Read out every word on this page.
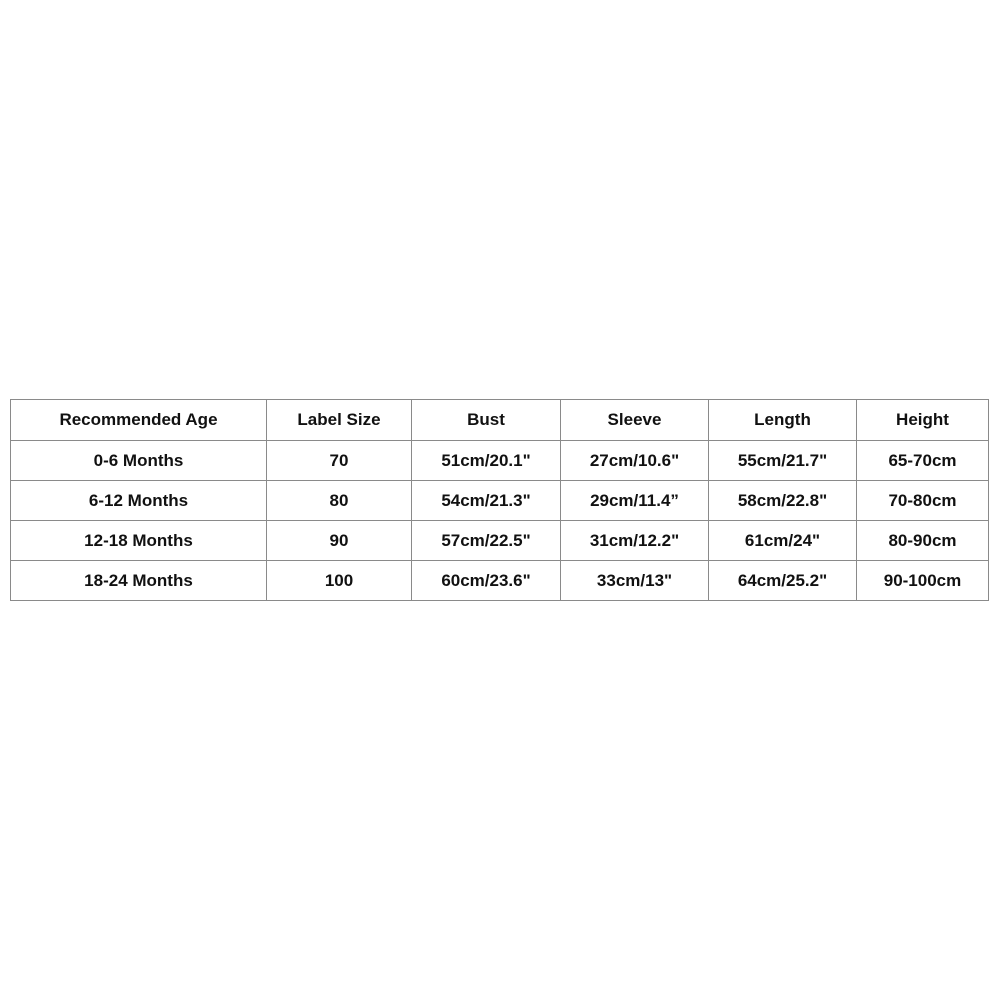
Recommended Age	Label Size	Bust	Sleeve	Length	Height
0-6 Months	70	51cm/20.1"	27cm/10.6"	55cm/21.7"	65-70cm
6-12 Months	80	54cm/21.3"	29cm/11.4”	58cm/22.8"	70-80cm
12-18 Months	90	57cm/22.5"	31cm/12.2"	61cm/24"	80-90cm
18-24 Months	100	60cm/23.6"	33cm/13"	64cm/25.2"	90-100cm
